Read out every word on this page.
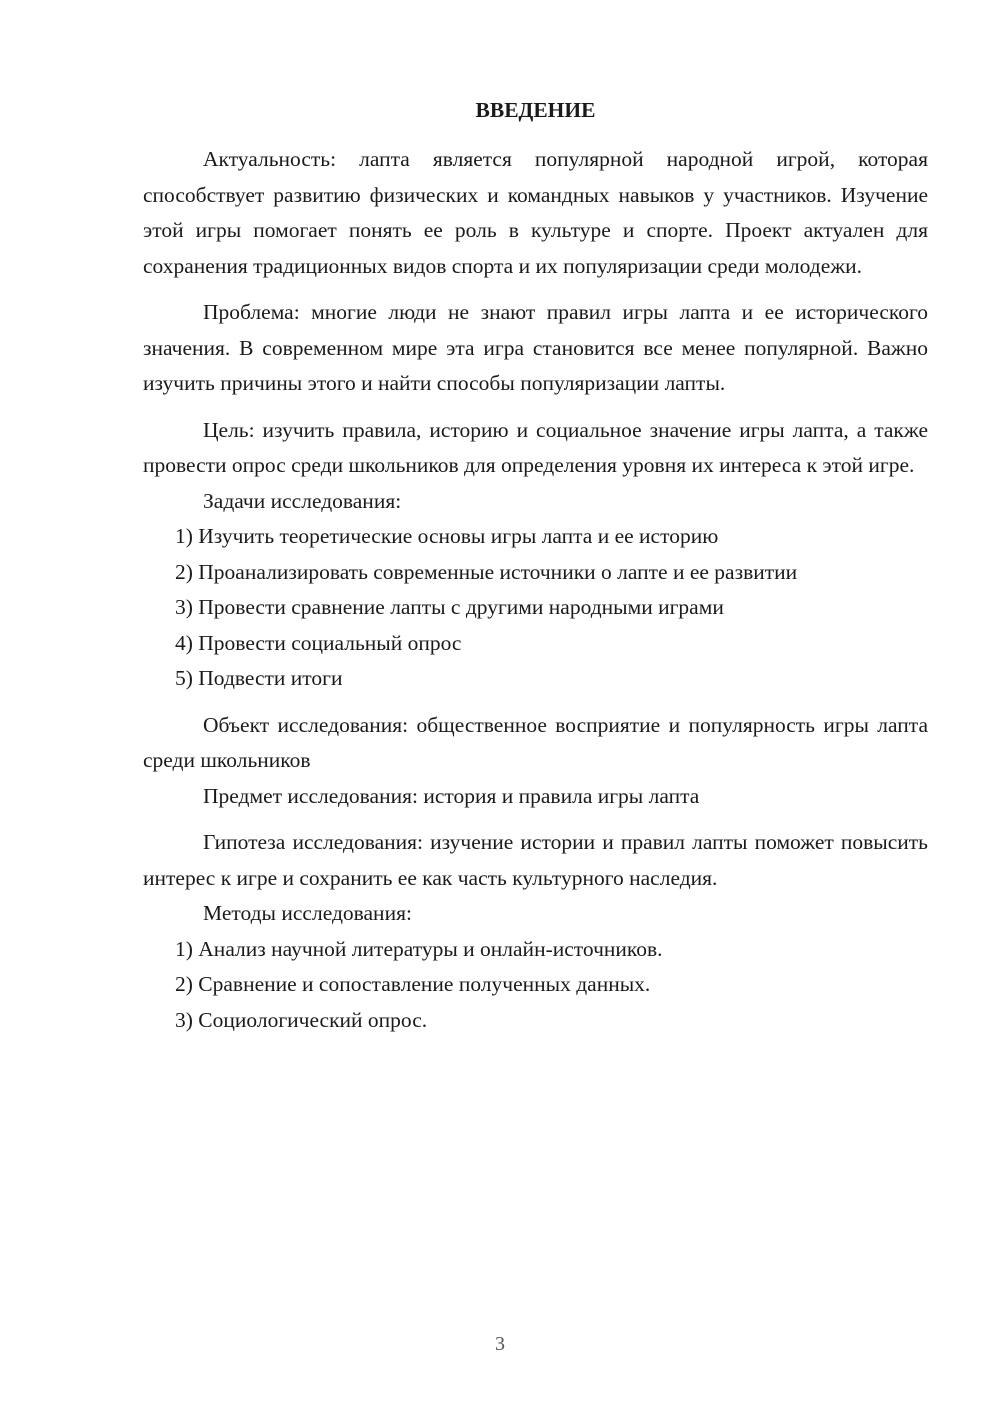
ВВЕДЕНИЕ

Актуальность: лапта является популярной народной игрой, которая способствует развитию физических и командных навыков у участников. Изучение этой игры помогает понять ее роль в культуре и спорте. Проект актуален для сохранения традиционных видов спорта и их популяризации среди молодежи.

Проблема: многие люди не знают правил игры лапта и ее исторического значения. В современном мире эта игра становится все менее популярной. Важно изучить причины этого и найти способы популяризации лапты.

Цель: изучить правила, историю и социальное значение игры лапта, а также провести опрос среди школьников для определения уровня их интереса к этой игре.

Задачи исследования:

1) Изучить теоретические основы игры лапта и ее историю

2) Проанализировать современные источники о лапте и ее развитии

3) Провести сравнение лапты с другими народными играми

4) Провести социальный опрос

5) Подвести итоги

Объект исследования: общественное восприятие и популярность игры лапта среди школьников

Предмет исследования: история и правила игры лапта

Гипотеза исследования: изучение истории и правил лапты поможет повысить интерес к игре и сохранить ее как часть культурного наследия.

Методы исследования:

1) Анализ научной литературы и онлайн-источников.

2) Сравнение и сопоставление полученных данных.

3) Социологический опрос.

3
